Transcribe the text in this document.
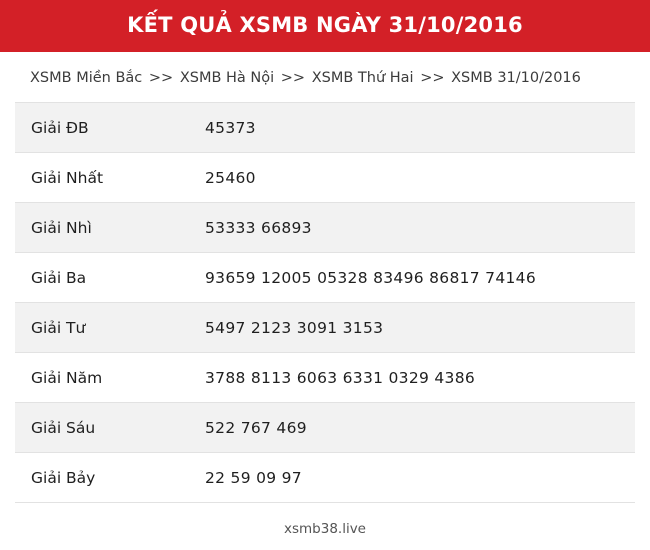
KẾT QUẢ XSMB NGÀY 31/10/2016
XSMB Miền Bắc >> XSMB Hà Nội >> XSMB Thứ Hai >> XSMB 31/10/2016
Giải ĐB	45373
Giải Nhất	25460
Giải Nhì	53333 66893
Giải Ba	93659 12005 05328 83496 86817 74146
Giải Tư	5497 2123 3091 3153
Giải Năm	3788 8113 6063 6331 0329 4386
Giải Sáu	522 767 469
Giải Bảy	22 59 09 97
xsmb38.live
